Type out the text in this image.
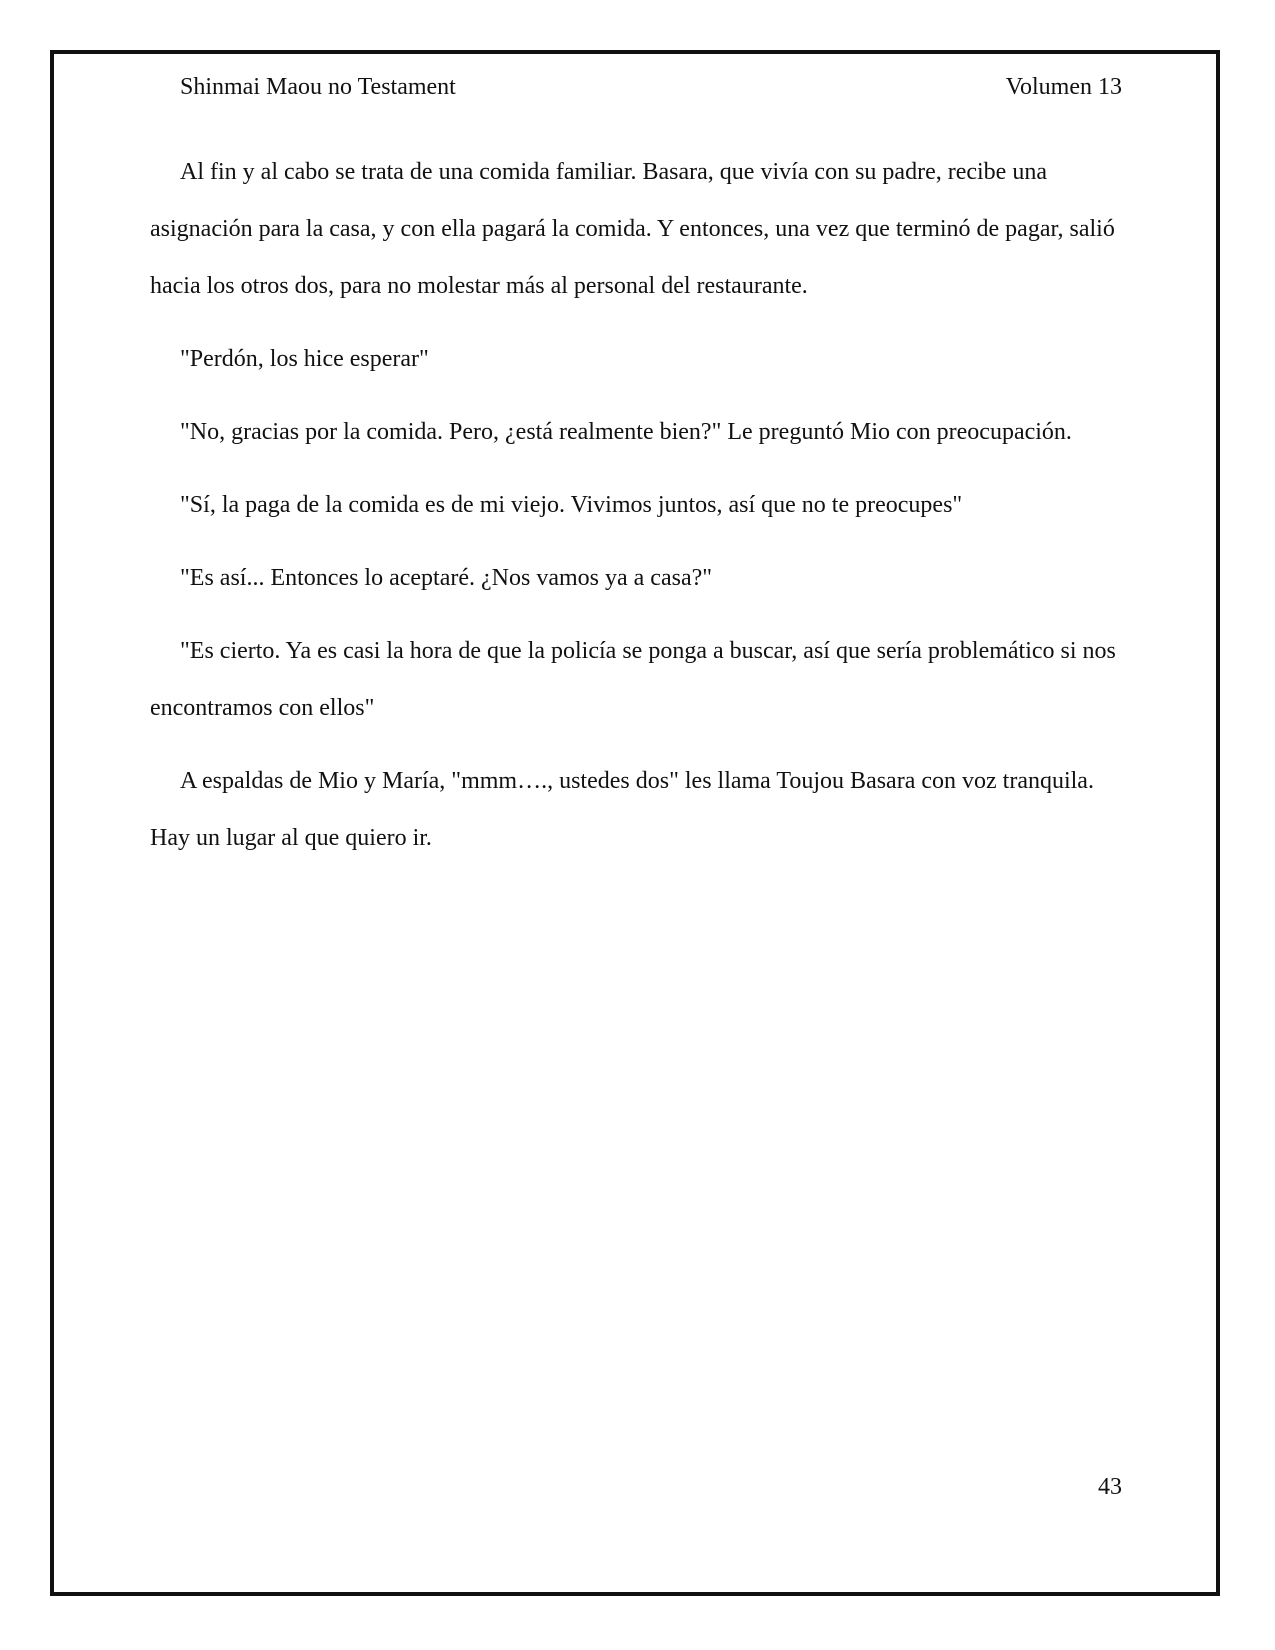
Shinmai Maou no Testament	Volumen 13

Al fin y al cabo se trata de una comida familiar. Basara, que vivía con su padre, recibe una asignación para la casa, y con ella pagará la comida. Y entonces, una vez que terminó de pagar, salió hacia los otros dos, para no molestar más al personal del restaurante.

"Perdón, los hice esperar"

"No, gracias por la comida. Pero, ¿está realmente bien?" Le preguntó Mio con preocupación.

"Sí, la paga de la comida es de mi viejo. Vivimos juntos, así que no te preocupes"

"Es así... Entonces lo aceptaré. ¿Nos vamos ya a casa?"

"Es cierto. Ya es casi la hora de que la policía se ponga a buscar, así que sería problemático si nos encontramos con ellos"

A espaldas de Mio y María, "mmm…., ustedes dos" les llama Toujou Basara con voz tranquila. Hay un lugar al que quiero ir.

43
